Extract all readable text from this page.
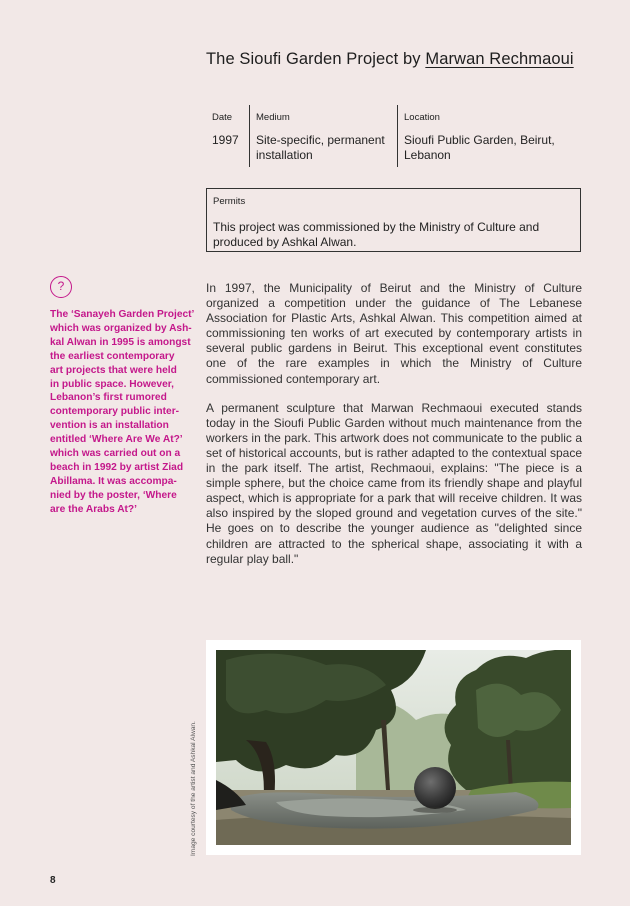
The Sioufi Garden Project by Marwan Rechmaoui
Date
1997
Medium
Site-specific, permanent
installation
Location
Sioufi Public Garden, Beirut,
Lebanon
Permits
This project was commissioned by the Ministry of Culture and
produced by Ashkal Alwan.
?
The ‘Sanayeh Garden Project’
which was organized by Ash-
kal Alwan in 1995 is amongst
the earliest contemporary
art projects that were held
in public space. However,
Lebanon’s first rumored
contemporary public inter-
vention is an installation
entitled ‘Where Are We At?’
which was carried out on a
beach in 1992 by artist Ziad
Abillama. It was accompa-
nied by the poster, ‘Where
are the Arabs At?’

In 1997, the Municipality of Beirut and the Ministry of Culture organized a competition under the guidance of The Lebanese Association for Plastic Arts, Ashkal Alwan. This competition aimed at commissioning ten works of art executed by contemporary artists in several public gardens in Beirut. This exceptional event constitutes one of the rare examples in which the Ministry of Culture commissioned contemporary art.

A permanent sculpture that Marwan Rechmaoui executed stands today in the Sioufi Public Garden without much maintenance from the workers in the park. This artwork does not communicate to the public a set of historical accounts, but is rather adapted to the contextual space in the park itself. The artist, Rechmaoui, explains: "The piece is a simple sphere, but the choice came from its friendly shape and playful aspect, which is appropriate for a park that will receive children. It was also inspired by the sloped ground and vegetation curves of the site." He goes on to describe the younger audience as "delighted since children are attracted to the spherical shape, associating it with a regular play ball."

Image courtesy of the artist and Ashkal Alwan.
8
